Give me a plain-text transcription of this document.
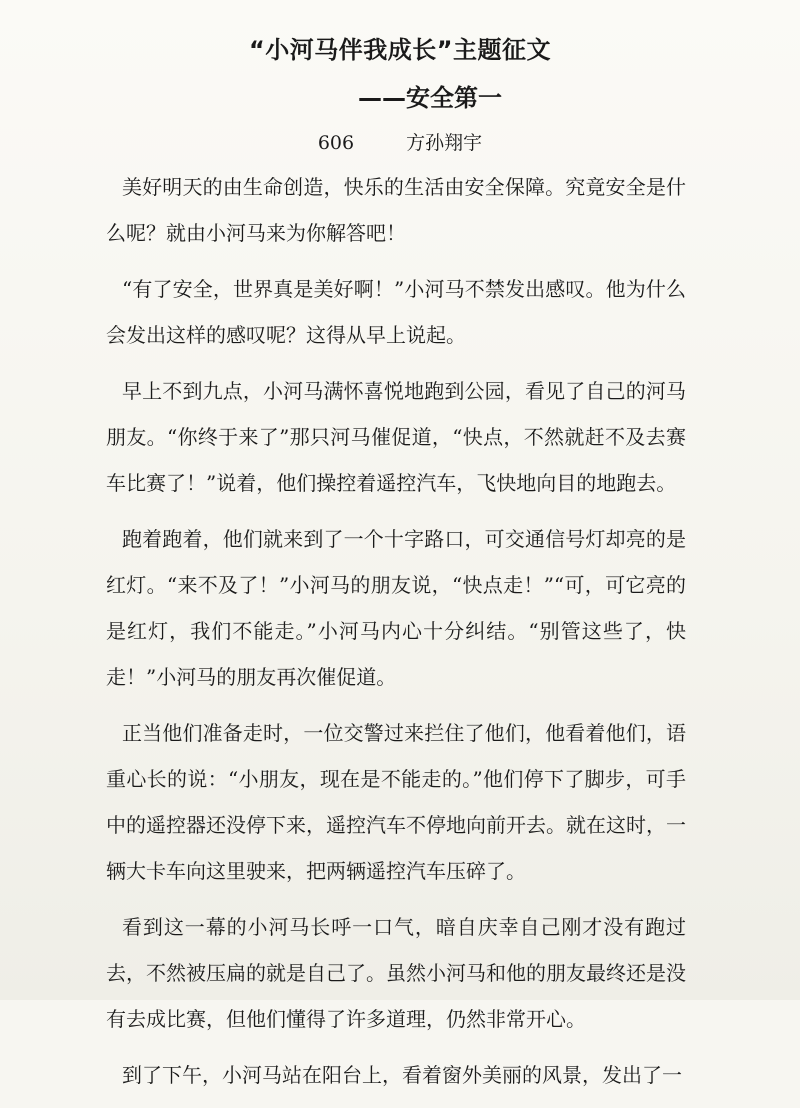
“小河马伴我成长”主题征文
——安全第一
606	方孙翔宇

美好明天的由生命创造，快乐的生活由安全保障。究竟安全是什么呢？就由小河马来为你解答吧！

“有了安全，世界真是美好啊！”小河马不禁发出感叹。他为什么会发出这样的感叹呢？这得从早上说起。

早上不到九点，小河马满怀喜悦地跑到公园，看见了自己的河马朋友。“你终于来了”那只河马催促道，“快点，不然就赶不及去赛车比赛了！”说着，他们操控着遥控汽车，飞快地向目的地跑去。

跑着跑着，他们就来到了一个十字路口，可交通信号灯却亮的是红灯。“来不及了！”小河马的朋友说，“快点走！”“可，可它亮的是红灯，我们不能走。”小河马内心十分纠结。“别管这些了，快走！”小河马的朋友再次催促道。

正当他们准备走时，一位交警过来拦住了他们，他看着他们，语重心长的说：“小朋友，现在是不能走的。”他们停下了脚步，可手中的遥控器还没停下来，遥控汽车不停地向前开去。就在这时，一辆大卡车向这里驶来，把两辆遥控汽车压碎了。

看到这一幕的小河马长呼一口气，暗自庆幸自己刚才没有跑过去，不然被压扁的就是自己了。虽然小河马和他的朋友最终还是没有去成比赛，但他们懂得了许多道理，仍然非常开心。

到了下午，小河马站在阳台上，看着窗外美丽的风景，发出了一
